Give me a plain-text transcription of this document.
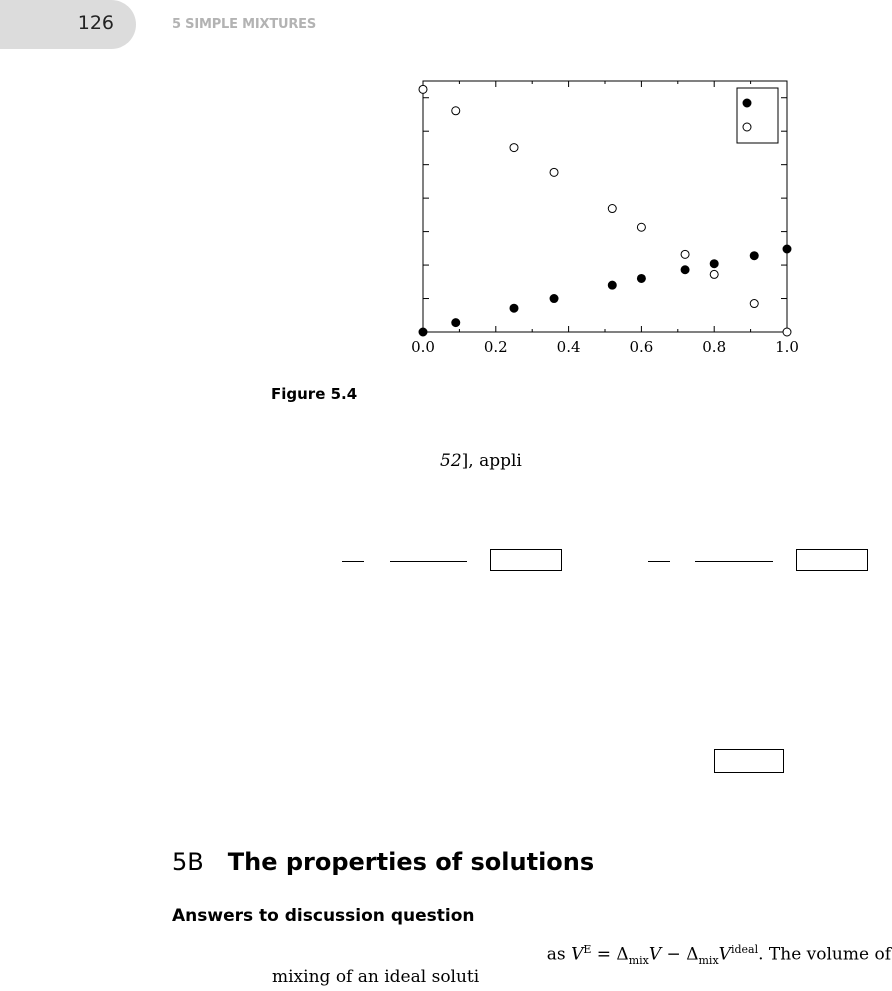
126	5 SIMPLE MIXTURES
0.0	0.2	0.4	0.6	0.8	1.0
Figure 5.4
52], appli
5B The properties of solutions
Answers to discussion question
as $V^E = \Delta_{mix}V - \Delta_{mix}V^{ideal}$. The volume of
mixing of an ideal soluti
